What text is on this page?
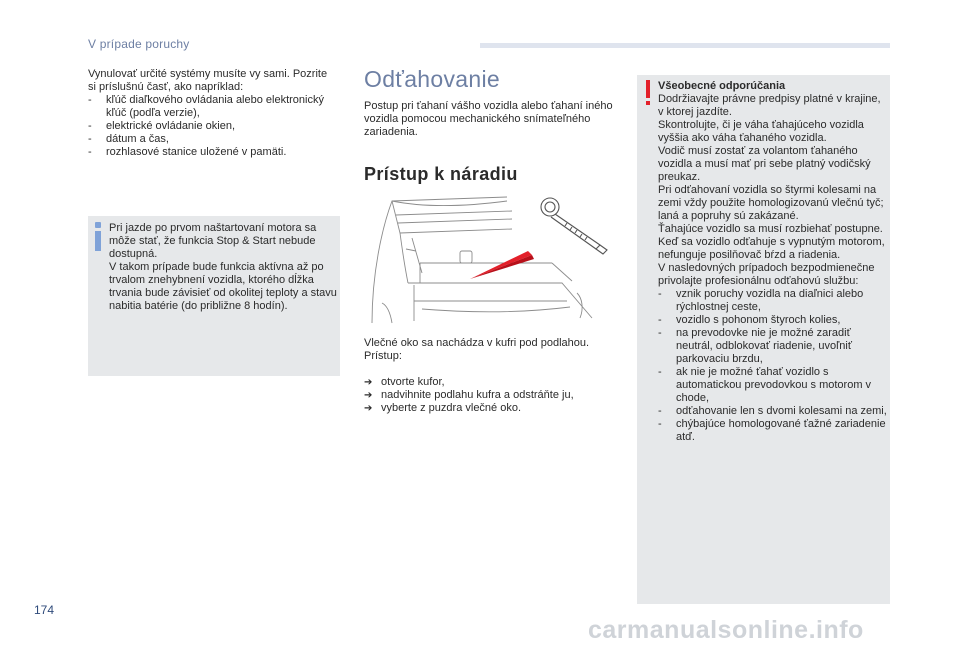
V prípade poruchy

Vynulovať určité systémy musíte vy sami. Pozrite si príslušnú časť, ako napríklad:

- kľúč diaľkového ovládania alebo elektronický kľúč (podľa verzie),
- elektrické ovládanie okien,
- dátum a čas,
- rozhlasové stanice uložené v pamäti.

Pri jazde po prvom naštartovaní motora sa môže stať, že funkcia Stop & Start nebude dostupná.

V takom prípade bude funkcia aktívna až po trvalom znehybnení vozidla, ktorého dĺžka trvania bude závisieť od okolitej teploty a stavu nabitia batérie (do približne 8 hodín).

Odťahovanie

Postup pri ťahaní vášho vozidla alebo ťahaní iného vozidla pomocou mechanického snímateľného zariadenia.

Prístup k náradiu

Vlečné oko sa nachádza v kufri pod podlahou. Prístup:

➔ otvorte kufor,
➔ nadvihnite podlahu kufra a odstráňte ju,
➔ vyberte z puzdra vlečné oko.
Všeobecné odporúčania

Dodržiavajte právne predpisy platné v krajine, v ktorej jazdíte.

Skontrolujte, či je váha ťahajúceho vozidla vyššia ako váha ťahaného vozidla.

Vodič musí zostať za volantom ťahaného vozidla a musí mať pri sebe platný vodičský preukaz.

Pri odťahovaní vozidla so štyrmi kolesami na zemi vždy použite homologizovanú vlečnú tyč; laná a popruhy sú zakázané.

Ťahajúce vozidlo sa musí rozbiehať postupne.

Keď sa vozidlo odťahuje s vypnutým motorom, nefunguje posilňovač bŕzd a riadenia.

V nasledovných prípadoch bezpodmienečne privolajte profesionálnu odťahovú službu:

- vznik poruchy vozidla na diaľnici alebo rýchlostnej ceste,
- vozidlo s pohonom štyroch kolies,
- na prevodovke nie je možné zaradiť neutrál, odblokovať riadenie, uvoľniť parkovaciu brzdu,
- ak nie je možné ťahať vozidlo s automatickou prevodovkou s motorom v chode,
- odťahovanie len s dvomi kolesami na zemi,
- chýbajúce homologované ťažné zariadenie atď.
174
carmanualsonline.info
